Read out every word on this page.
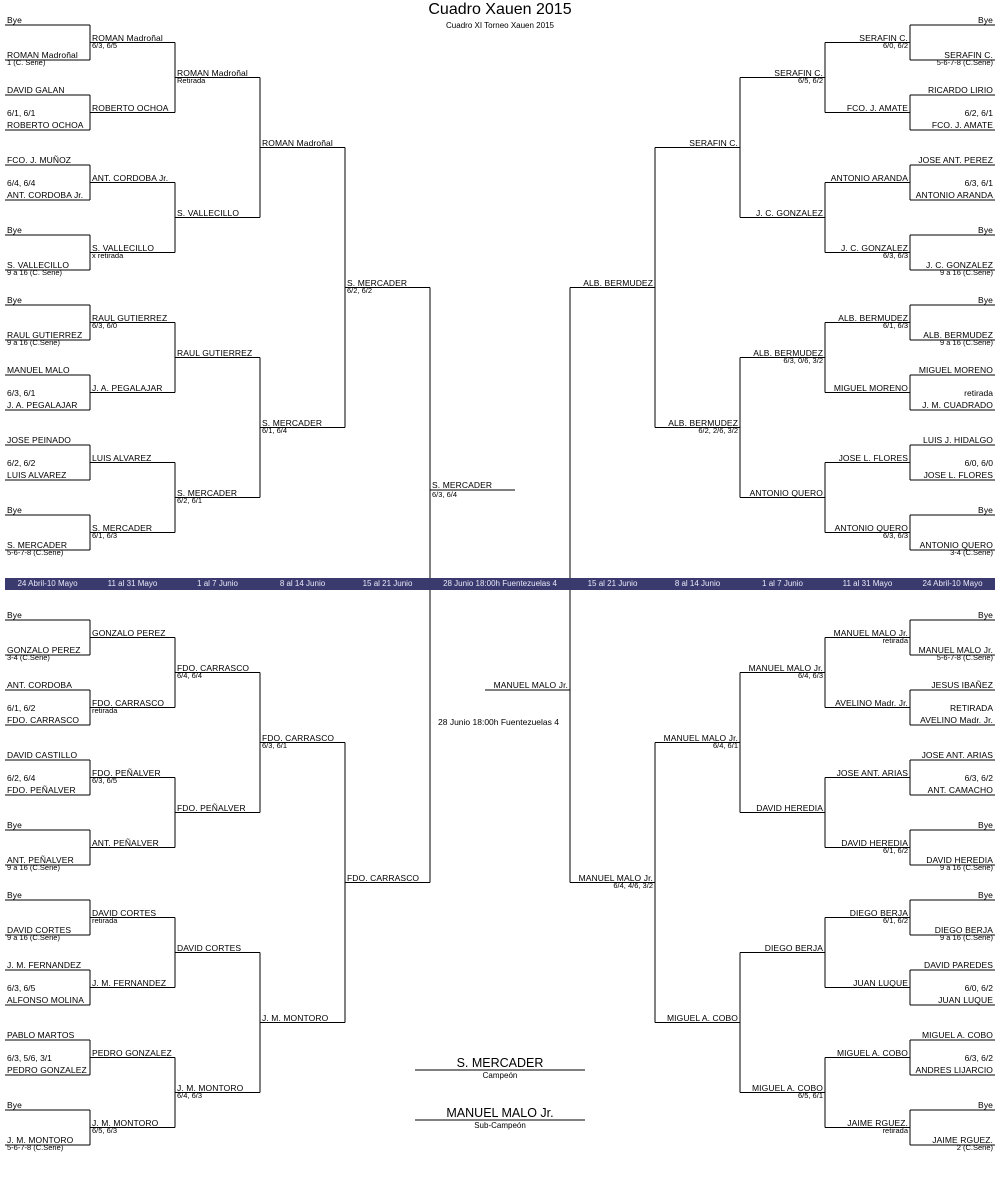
Cuadro Xauen 2015
Cuadro XI Torneo Xauen 2015
24 Abril-10 Mayo	11 al 31 Mayo	1 al 7 Junio	8 al 14 Junio	15 al 21 Junio	28 Junio 18:00h Fuentezuelas 4	15 al 21 Junio	8 al 14 Junio	1 al 7 Junio	11 al 31 Mayo	24 Abril-10 Mayo
Bye
ROMAN Madroñal
1 (C. Serie)
DAVID GALAN
ROBERTO OCHOA
FCO. J. MUÑOZ
ANT. CORDOBA Jr.
Bye
S. VALLECILLO
9 a 16 (C. Serie)
Bye
RAUL GUTIERREZ
9 a 16 (C.Serie)
MANUEL MALO
J. A. PEGALAJAR
JOSE PEINADO
LUIS ALVAREZ
Bye
S. MERCADER
5-6-7-8 (C.Serie)
Bye
GONZALO PEREZ
3-4 (C.Serie)
ANT. CORDOBA
FDO. CARRASCO
DAVID CASTILLO
FDO. PEÑALVER
Bye
ANT. PEÑALVER
9 a 16 (C.Serie)
Bye
DAVID CORTES
9 a 16 (C.Serie)
J. M. FERNANDEZ
ALFONSO MOLINA
PABLO MARTOS
PEDRO GONZALEZ
Bye
J. M. MONTORO
5-6-7-8 (C.Serie)
ROMAN Madroñal
6/3, 6/5
ROBERTO OCHOA
ANT. CORDOBA Jr.
S. VALLECILLO
x retirada
RAUL GUTIERREZ
6/3, 6/0
J. A. PEGALAJAR
LUIS ALVAREZ
S. MERCADER
6/1, 6/3
GONZALO PEREZ
FDO. CARRASCO
retirada
FDO. PEÑALVER
6/3, 6/5
ANT. PEÑALVER
DAVID CORTES
retirada
J. M. FERNANDEZ
PEDRO GONZALEZ
J. M. MONTORO
6/5, 6/3
ROMAN Madroñal
Retirada
S. VALLECILLO
RAUL GUTIERREZ
S. MERCADER
6/2, 6/1
FDO. CARRASCO
6/4, 6/4
FDO. PEÑALVER
DAVID CORTES
J. M. MONTORO
6/4, 6/3
ROMAN Madroñal
S. MERCADER
6/1, 6/4
FDO. CARRASCO
6/3, 6/1
J. M. MONTORO
S. MERCADER
6/2, 6/2
FDO. CARRASCO
6/1, 6/1
6/4, 6/4
6/3, 6/1
6/2, 6/2
6/1, 6/2
6/2, 6/4
6/3, 6/5
6/3, 5/6, 3/1
Bye
SERAFIN C.
5-6-7-8 (C.Serie)
RICARDO LIRIO
FCO. J. AMATE
JOSE ANT. PEREZ
ANTONIO ARANDA
Bye
J. C. GONZALEZ
9 a 16 (C.Serie)
Bye
ALB. BERMUDEZ
9 a 16 (C.Serie)
MIGUEL MORENO
J. M. CUADRADO
LUIS J. HIDALGO
JOSE L. FLORES
Bye
ANTONIO QUERO
3-4 (C.Serie)
Bye
MANUEL MALO Jr.
5-6-7-8 (C.Serie)
JESUS IBAÑEZ
AVELINO Madr. Jr.
JOSE ANT. ARIAS
ANT. CAMACHO
Bye
DAVID HEREDIA
9 a 16 (C.Serie)
Bye
DIEGO BERJA
9 a 16 (C.Serie)
DAVID PAREDES
JUAN LUQUE
MIGUEL A. COBO
ANDRES LIJARCIO
Bye
JAIME RGUEZ.
2 (C.Serie)
SERAFIN C.
6/0, 6/2
FCO. J. AMATE
ANTONIO ARANDA
J. C. GONZALEZ
6/3, 6/3
ALB. BERMUDEZ
6/1, 6/3
MIGUEL MORENO
JOSE L. FLORES
ANTONIO QUERO
6/3, 6/3
MANUEL MALO Jr.
retirada
AVELINO Madr. Jr.
JOSE ANT. ARIAS
DAVID HEREDIA
6/1, 6/2
DIEGO BERJA
6/1, 6/2
JUAN LUQUE
MIGUEL A. COBO
JAIME RGUEZ.
retirada
SERAFIN C.
6/5, 6/2
J. C. GONZALEZ
ALB. BERMUDEZ
6/3, 0/6, 3/2
ANTONIO QUERO
MANUEL MALO Jr.
6/4, 6/3
DAVID HEREDIA
DIEGO BERJA
MIGUEL A. COBO
6/5, 6/1
SERAFIN C.
ALB. BERMUDEZ
6/2, 2/6, 3/2
MANUEL MALO Jr.
6/4, 6/1
MIGUEL A. COBO
ALB. BERMUDEZ
MANUEL MALO Jr.
6/4, 4/6, 3/2
6/2, 6/1
6/3, 6/1
retirada
6/0, 6/0
RETIRADA
6/3, 6/2
6/0, 6/2
6/3, 6/2
S. MERCADER
6/3, 6/4
MANUEL MALO Jr.
28 Junio 18:00h Fuentezuelas 4
S. MERCADER
Campeón
MANUEL MALO Jr.
Sub-Campeón
